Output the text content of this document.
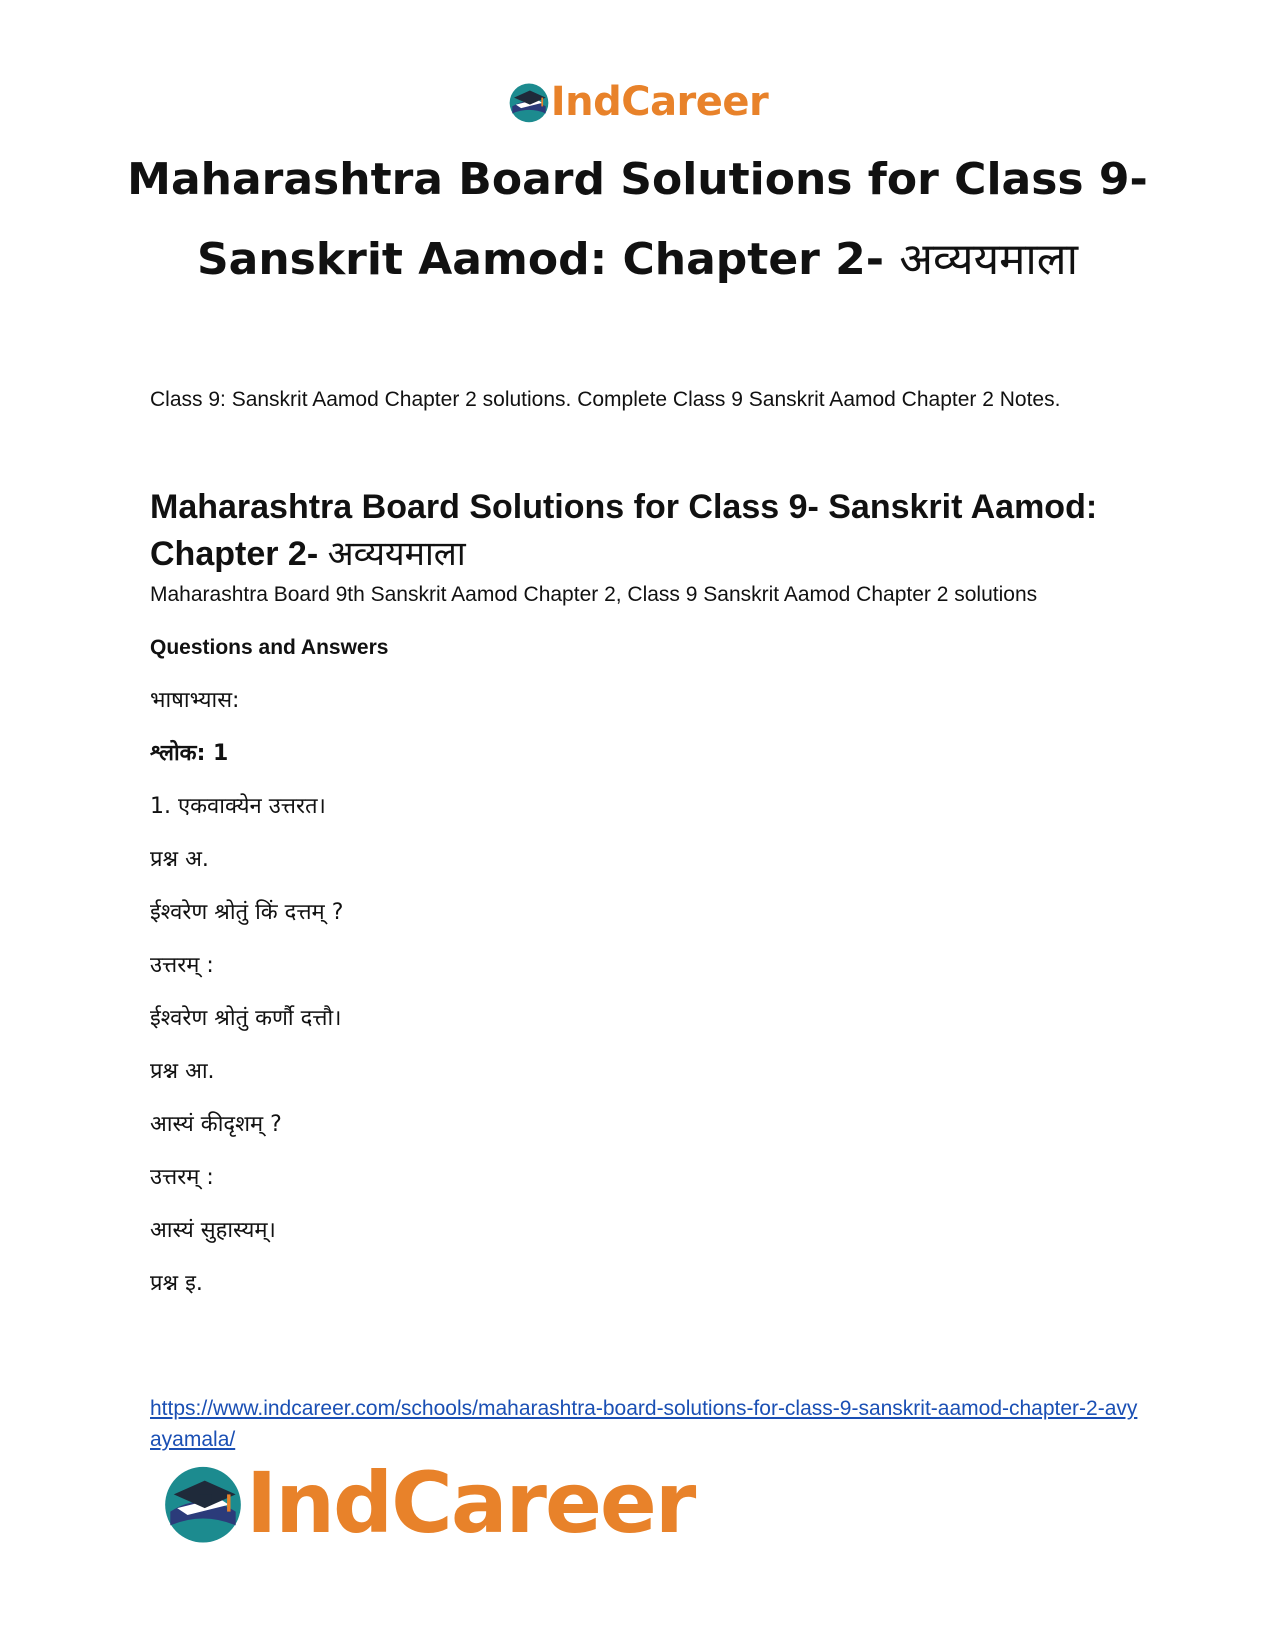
IndCareer
Maharashtra Board Solutions for Class 9-
Sanskrit Aamod: Chapter 2- अव्ययमाला

Class 9: Sanskrit Aamod Chapter 2 solutions. Complete Class 9 Sanskrit Aamod Chapter 2 Notes.

Maharashtra Board Solutions for Class 9- Sanskrit Aamod: Chapter 2- अव्ययमाला

Maharashtra Board 9th Sanskrit Aamod Chapter 2, Class 9 Sanskrit Aamod Chapter 2 solutions

Questions and Answers

भाषाभ्यास:

श्लोक: 1

1. एकवाक्येन उत्तरत।

प्रश्न अ.

ईश्वरेण श्रोतुं किं दत्तम् ?

उत्तरम् :

ईश्वरेण श्रोतुं कर्णौ दत्तौ।

प्रश्न आ.

आस्यं कीदृशम् ?

उत्तरम् :

आस्यं सुहास्यम्।

प्रश्न इ.

https://www.indcareer.com/schools/maharashtra-board-solutions-for-class-9-sanskrit-aamod-chapter-2-avyayamala/
IndCareer
